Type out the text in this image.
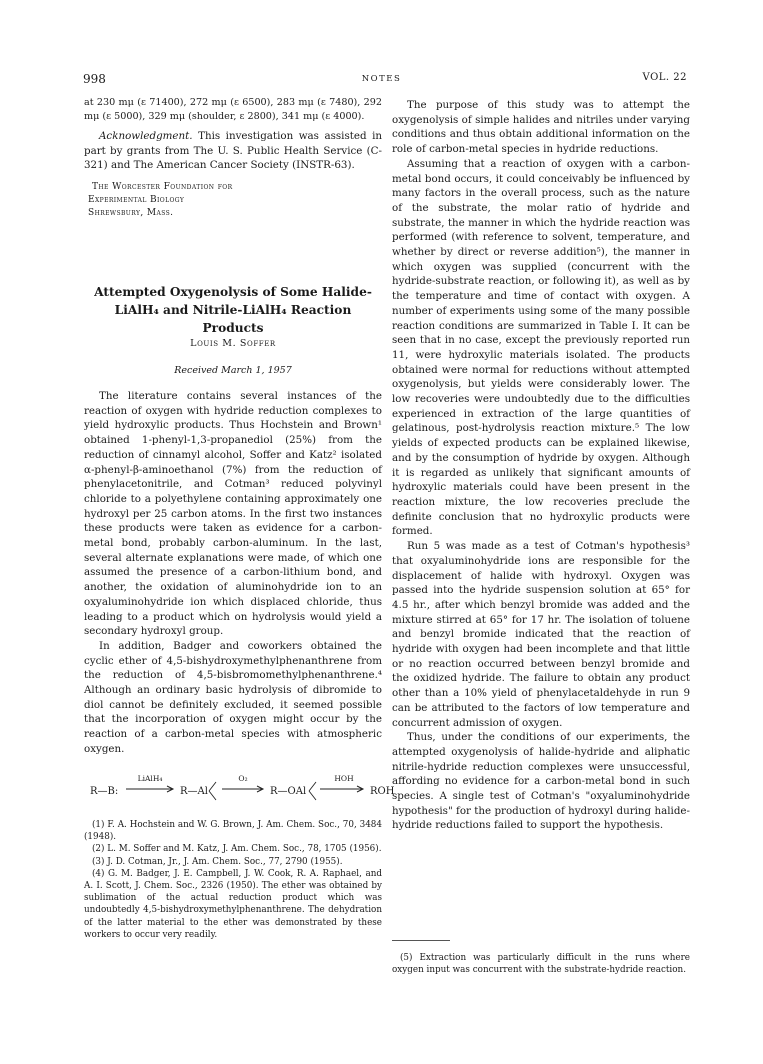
998	NOTES	VOL. 22

at 230 mμ (ε 71400), 272 mμ (ε 6500), 283 mμ (ε 7480), 292 mμ (ε 5000), 329 mμ (shoulder, ε 2800), 341 mμ (ε 4000).

Acknowledgment. This investigation was assisted in part by grants from The U. S. Public Health Service (C-321) and The American Cancer Society (INSTR-63).

The Worcester Foundation for
Experimental Biology
Shrewsbury, Mass.
Attempted Oxygenolysis of Some Halide-
LiAlH₄ and Nitrile-LiAlH₄ Reaction Products
Louis M. Soffer
Received March 1, 1957

The literature contains several instances of the reaction of oxygen with hydride reduction complexes to yield hydroxylic products. Thus Hochstein and Brown¹ obtained 1-phenyl-1,3-propanediol (25%) from the reduction of cinnamyl alcohol, Soffer and Katz² isolated α-phenyl-β-aminoethanol (7%) from the reduction of phenylacetonitrile, and Cotman³ reduced polyvinyl chloride to a polyethylene containing approximately one hydroxyl per 25 carbon atoms. In the first two instances these products were taken as evidence for a carbon-metal bond, probably carbon-aluminum. In the last, several alternate explanations were made, of which one assumed the presence of a carbon-lithium bond, and another, the oxidation of aluminohydride ion to an oxyaluminohydride ion which displaced chloride, thus leading to a product which on hydrolysis would yield a secondary hydroxyl group.

In addition, Badger and coworkers obtained the cyclic ether of 4,5-bishydroxymethylphenanthrene from the reduction of 4,5-bisbromomethylphenanthrene.⁴ Although an ordinary basic hydrolysis of dibromide to diol cannot be definitely excluded, it seemed possible that the incorporation of oxygen might occur by the reaction of a carbon-metal species with atmospheric oxygen.

R—B:
LiAlH₄
R—Al
O₂
R—OAl
HOH
ROH

(1) F. A. Hochstein and W. G. Brown, J. Am. Chem. Soc., 70, 3484 (1948).

(2) L. M. Soffer and M. Katz, J. Am. Chem. Soc., 78, 1705 (1956).

(3) J. D. Cotman, Jr., J. Am. Chem. Soc., 77, 2790 (1955).

(4) G. M. Badger, J. E. Campbell, J. W. Cook, R. A. Raphael, and A. I. Scott, J. Chem. Soc., 2326 (1950). The ether was obtained by sublimation of the actual reduction product which was undoubtedly 4,5-bishydroxymethylphenanthrene. The dehydration of the latter material to the ether was demonstrated by these workers to occur very readily.

The purpose of this study was to attempt the oxygenolysis of simple halides and nitriles under varying conditions and thus obtain additional information on the role of carbon-metal species in hydride reductions.

Assuming that a reaction of oxygen with a carbon-metal bond occurs, it could conceivably be influenced by many factors in the overall process, such as the nature of the substrate, the molar ratio of hydride and substrate, the manner in which the hydride reaction was performed (with reference to solvent, temperature, and whether by direct or reverse addition⁵), the manner in which oxygen was supplied (concurrent with the hydride-substrate reaction, or following it), as well as by the temperature and time of contact with oxygen. A number of experiments using some of the many possible reaction conditions are summarized in Table I. It can be seen that in no case, except the previously reported run 11, were hydroxylic materials isolated. The products obtained were normal for reductions without attempted oxygenolysis, but yields were considerably lower. The low recoveries were undoubtedly due to the difficulties experienced in extraction of the large quantities of gelatinous, post-hydrolysis reaction mixture.⁵ The low yields of expected products can be explained likewise, and by the consumption of hydride by oxygen. Although it is regarded as unlikely that significant amounts of hydroxylic materials could have been present in the reaction mixture, the low recoveries preclude the definite conclusion that no hydroxylic products were formed.

Run 5 was made as a test of Cotman's hypothesis³ that oxyaluminohydride ions are responsible for the displacement of halide with hydroxyl. Oxygen was passed into the hydride suspension solution at 65° for 4.5 hr., after which benzyl bromide was added and the mixture stirred at 65° for 17 hr. The isolation of toluene and benzyl bromide indicated that the reaction of hydride with oxygen had been incomplete and that little or no reaction occurred between benzyl bromide and the oxidized hydride. The failure to obtain any product other than a 10% yield of phenylacetaldehyde in run 9 can be attributed to the factors of low temperature and concurrent admission of oxygen.

Thus, under the conditions of our experiments, the attempted oxygenolysis of halide-hydride and aliphatic nitrile-hydride reduction complexes were unsuccessful, affording no evidence for a carbon-metal bond in such species. A single test of Cotman's "oxyaluminohydride hypothesis" for the production of hydroxyl during halide-hydride reductions failed to support the hypothesis.

(5) Extraction was particularly difficult in the runs where oxygen input was concurrent with the substrate-hydride reaction.
